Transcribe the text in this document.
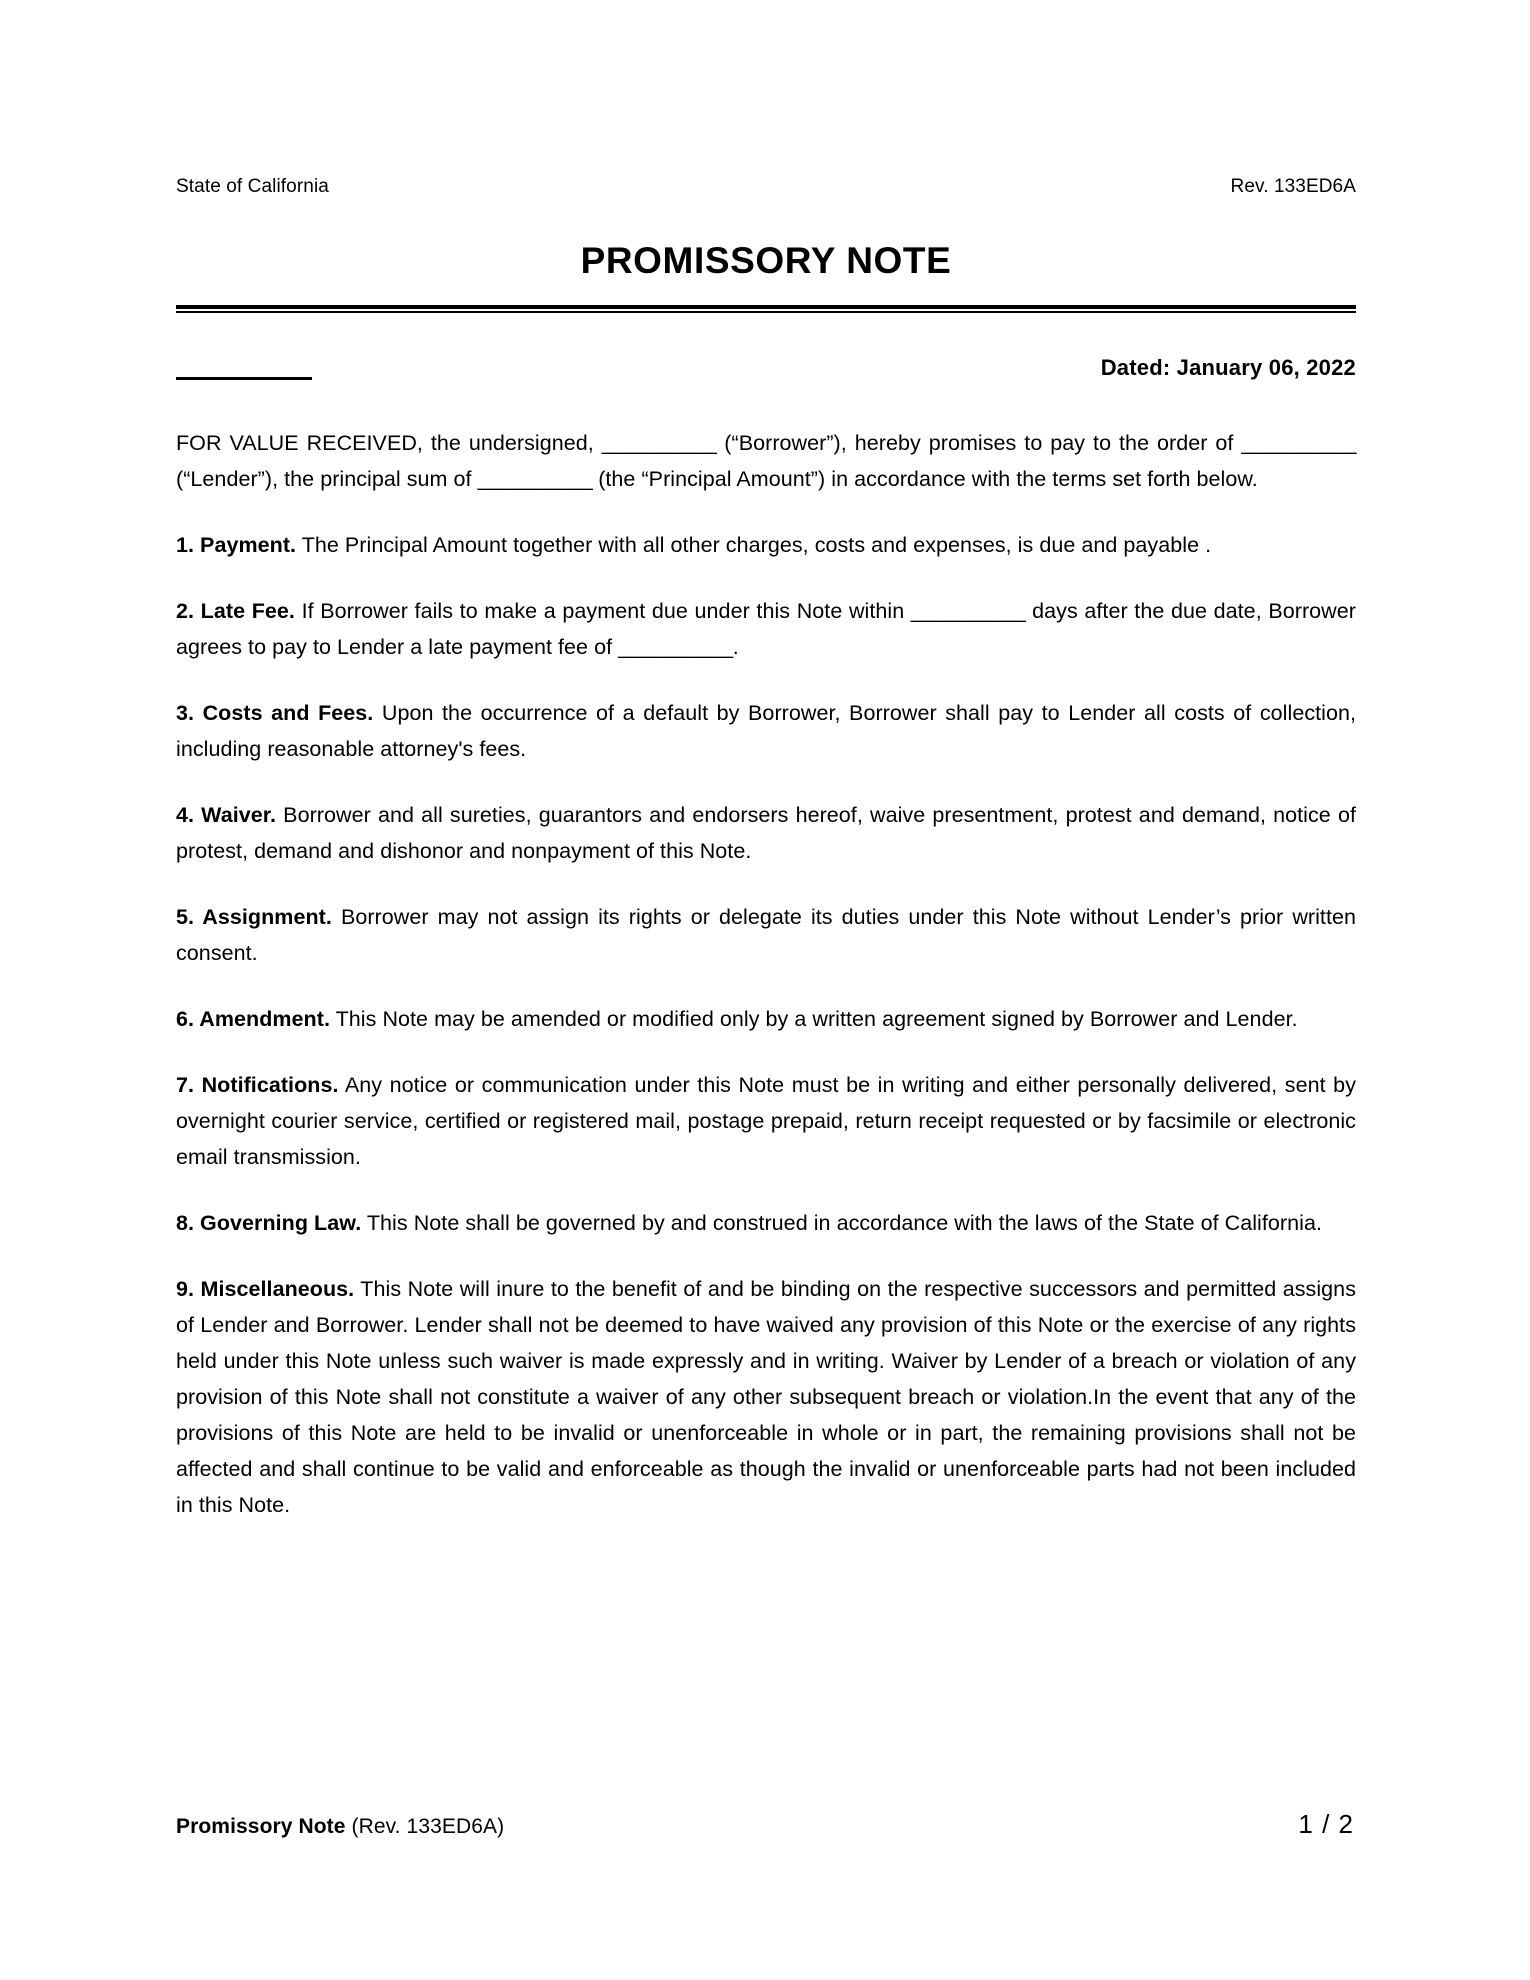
State of California	Rev. 133ED6A
PROMISSORY NOTE
Dated: January 06, 2022

FOR VALUE RECEIVED, the undersigned, __________ (“Borrower”), hereby promises to pay to the order of __________ (“Lender”), the principal sum of __________ (the “Principal Amount”) in accordance with the terms set forth below.

1. Payment. The Principal Amount together with all other charges, costs and expenses, is due and payable .

2. Late Fee. If Borrower fails to make a payment due under this Note within __________ days after the due date, Borrower agrees to pay to Lender a late payment fee of __________.

3. Costs and Fees. Upon the occurrence of a default by Borrower, Borrower shall pay to Lender all costs of collection, including reasonable attorney's fees.

4. Waiver. Borrower and all sureties, guarantors and endorsers hereof, waive presentment, protest and demand, notice of protest, demand and dishonor and nonpayment of this Note.

5. Assignment. Borrower may not assign its rights or delegate its duties under this Note without Lender’s prior written consent.

6. Amendment. This Note may be amended or modified only by a written agreement signed by Borrower and Lender.

7. Notifications. Any notice or communication under this Note must be in writing and either personally delivered, sent by overnight courier service, certified or registered mail, postage prepaid, return receipt requested or by facsimile or electronic email transmission.

8. Governing Law. This Note shall be governed by and construed in accordance with the laws of the State of California.

9. Miscellaneous. This Note will inure to the benefit of and be binding on the respective successors and permitted assigns of Lender and Borrower. Lender shall not be deemed to have waived any provision of this Note or the exercise of any rights held under this Note unless such waiver is made expressly and in writing. Waiver by Lender of a breach or violation of any provision of this Note shall not constitute a waiver of any other subsequent breach or violation.In the event that any of the provisions of this Note are held to be invalid or unenforceable in whole or in part, the remaining provisions shall not be affected and shall continue to be valid and enforceable as though the invalid or unenforceable parts had not been included in this Note.

Promissory Note (Rev. 133ED6A)	1 / 2
